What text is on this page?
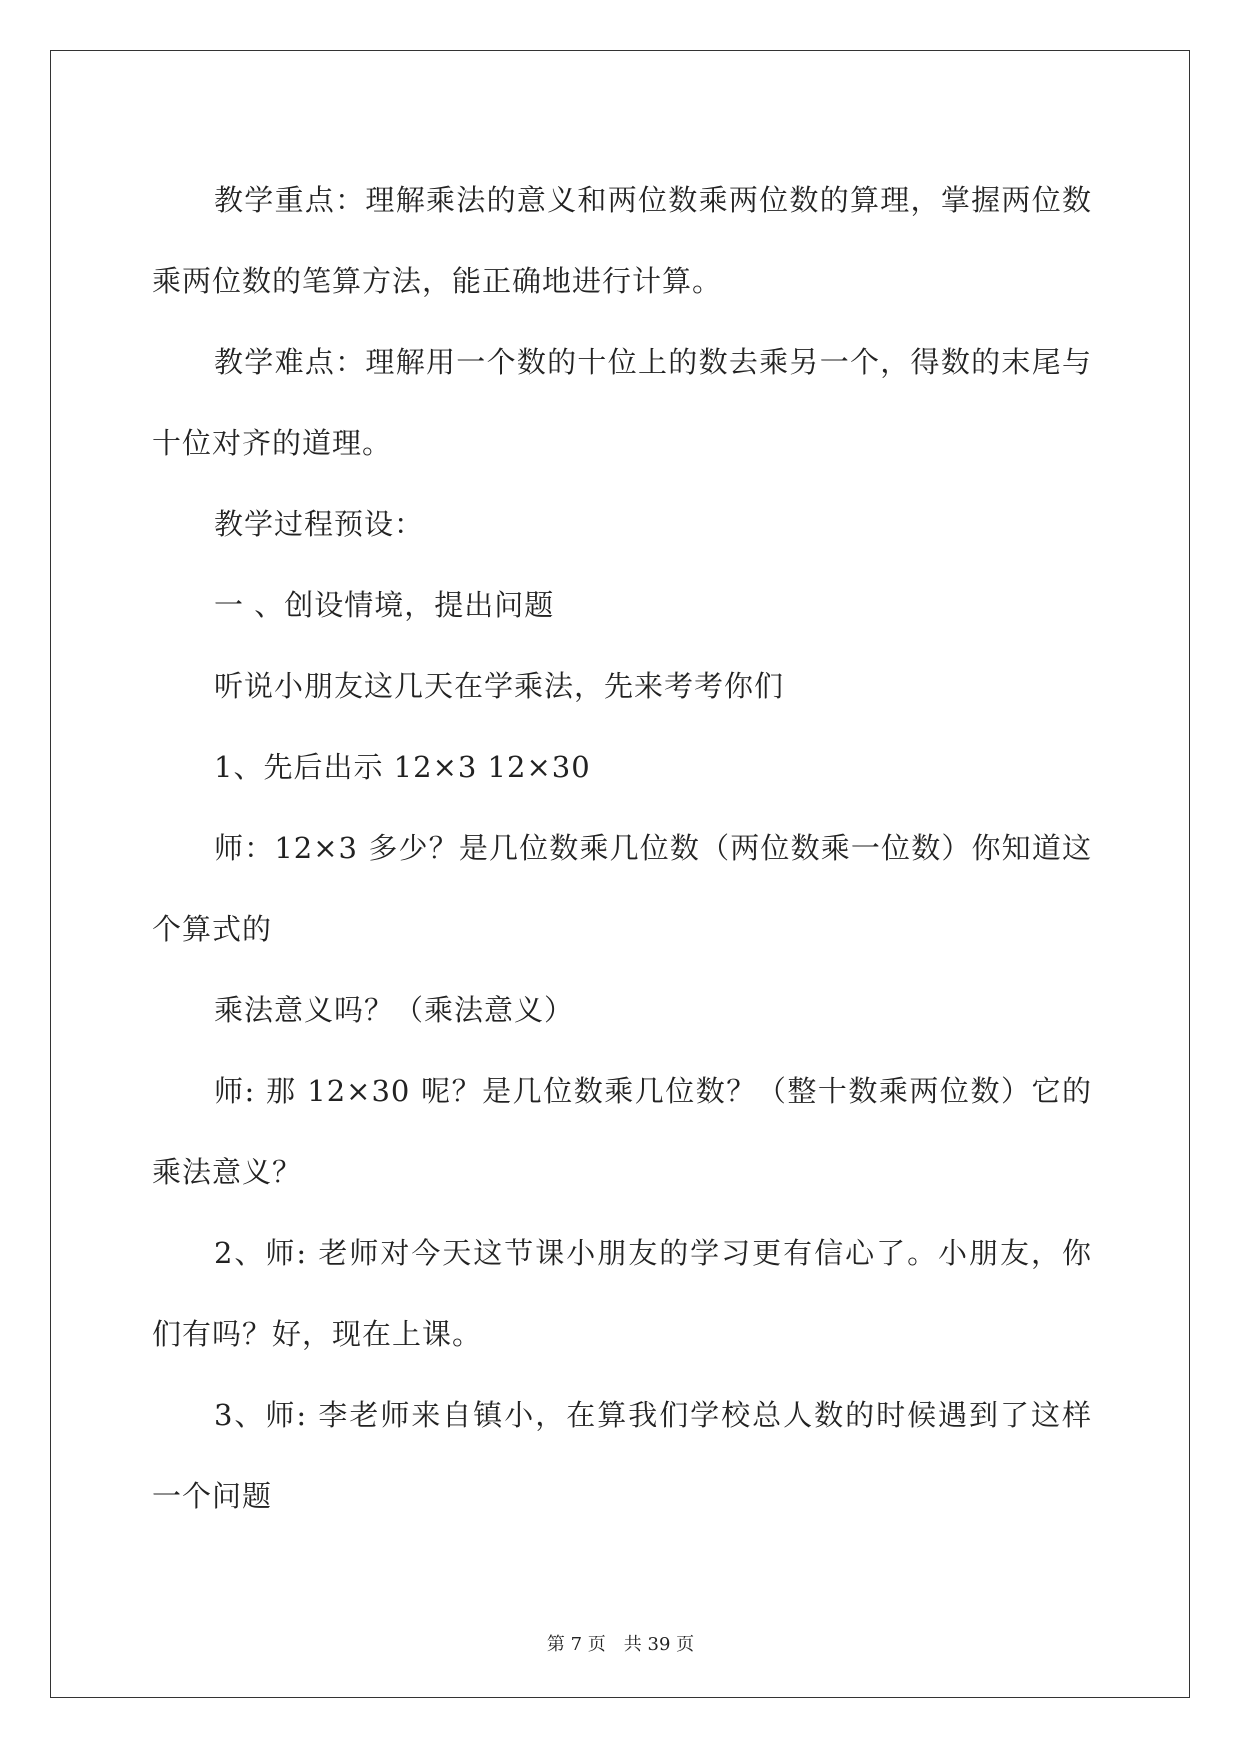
教学重点：理解乘法的意义和两位数乘两位数的算理，掌握两位数乘两位数的笔算方法，能正确地进行计算。

教学难点：理解用一个数的十位上的数去乘另一个，得数的末尾与十位对齐的道理。

教学过程预设：

一 、创设情境，提出问题

听说小朋友这几天在学乘法，先来考考你们

1、先后出示 12×3 12×30

师：12×3 多少？是几位数乘几位数（两位数乘一位数）你知道这个算式的

乘法意义吗？（乘法意义）

师: 那 12×30 呢？是几位数乘几位数？（整十数乘两位数）它的乘法意义？

2、师: 老师对今天这节课小朋友的学习更有信心了。小朋友，你们有吗？好，现在上课。

3、师: 李老师来自镇小，在算我们学校总人数的时候遇到了这样一个问题

第 7 页 共 39 页
